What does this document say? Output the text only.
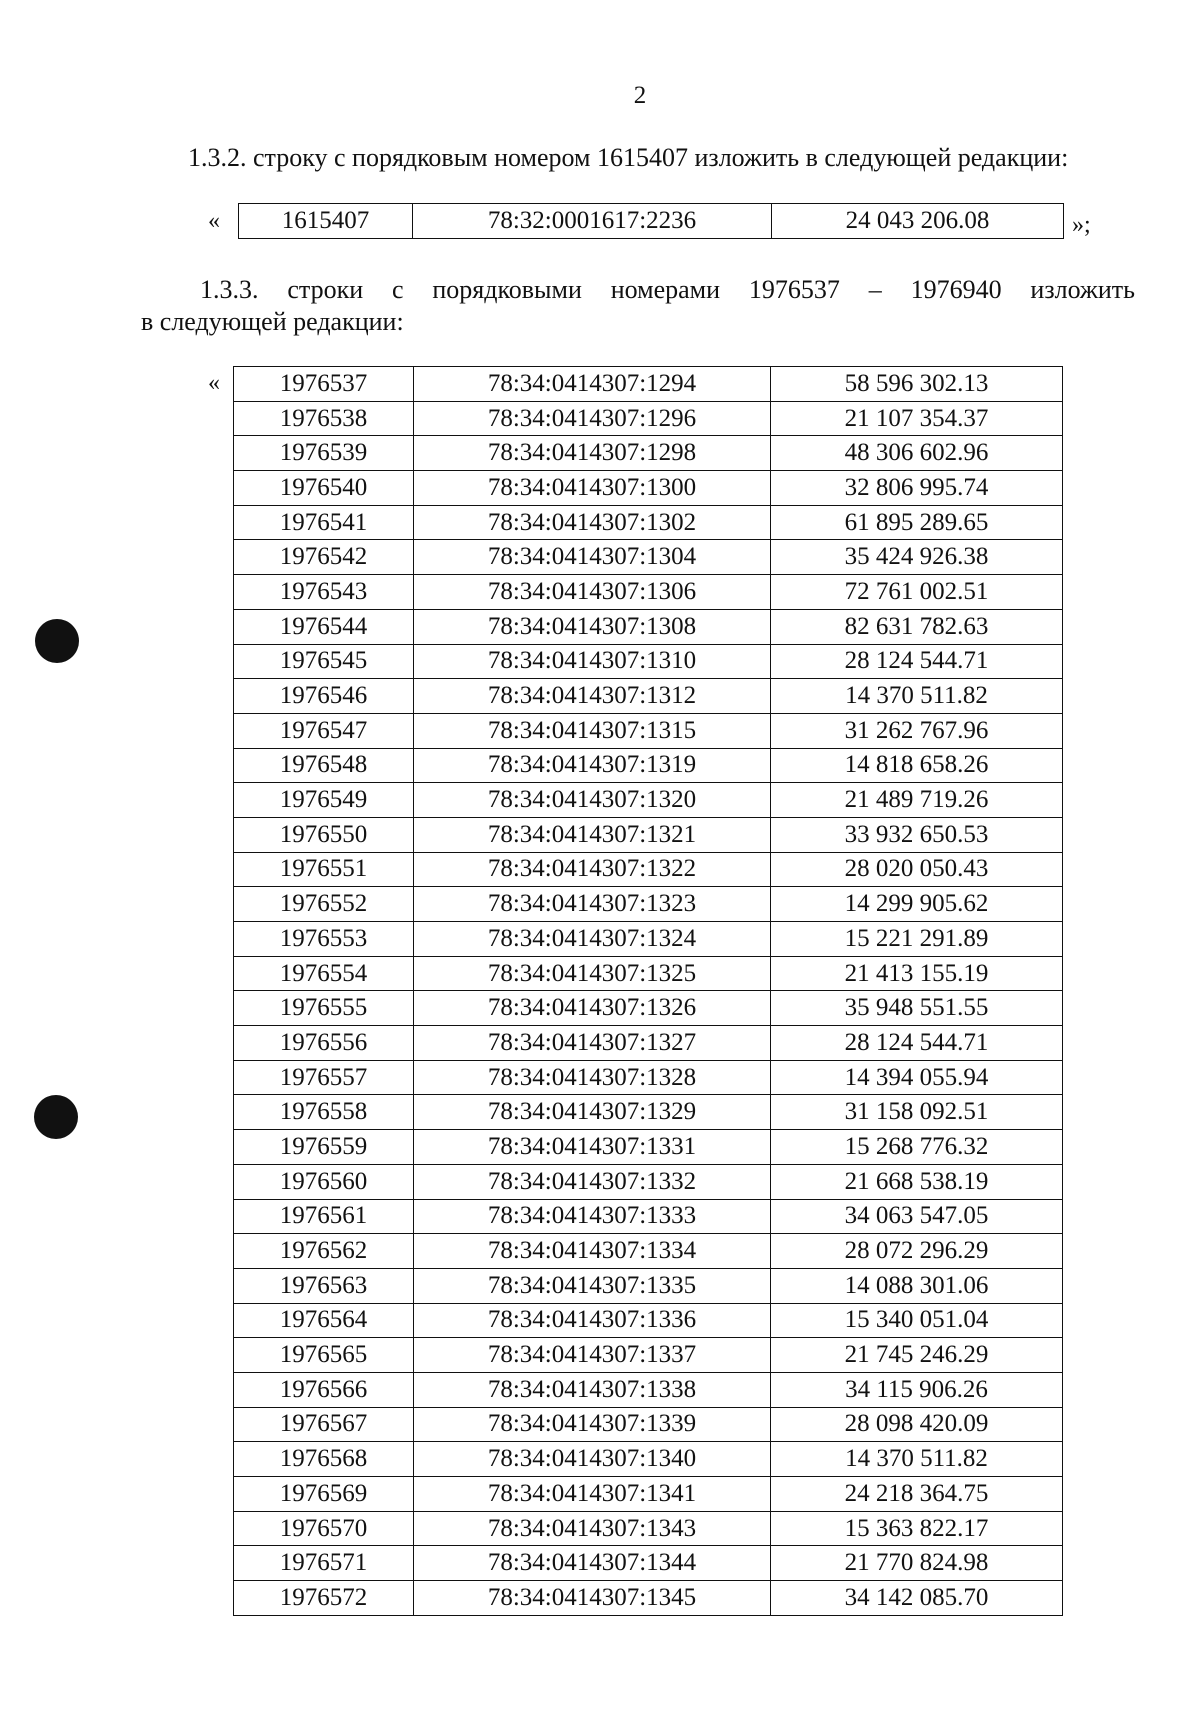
2
1.3.2. строку с порядковым номером 1615407 изложить в следующей редакции:
« 1615407	78:32:0001617:2236	24 043 206.08	»;
1.3.3. строки с порядковыми номерами 1976537 – 1976940 изложить
в следующей редакции:
« 1976537	78:34:0414307:1294	58 596 302.13
1976538	78:34:0414307:1296	21 107 354.37
1976539	78:34:0414307:1298	48 306 602.96
1976540	78:34:0414307:1300	32 806 995.74
1976541	78:34:0414307:1302	61 895 289.65
1976542	78:34:0414307:1304	35 424 926.38
1976543	78:34:0414307:1306	72 761 002.51
1976544	78:34:0414307:1308	82 631 782.63
1976545	78:34:0414307:1310	28 124 544.71
1976546	78:34:0414307:1312	14 370 511.82
1976547	78:34:0414307:1315	31 262 767.96
1976548	78:34:0414307:1319	14 818 658.26
1976549	78:34:0414307:1320	21 489 719.26
1976550	78:34:0414307:1321	33 932 650.53
1976551	78:34:0414307:1322	28 020 050.43
1976552	78:34:0414307:1323	14 299 905.62
1976553	78:34:0414307:1324	15 221 291.89
1976554	78:34:0414307:1325	21 413 155.19
1976555	78:34:0414307:1326	35 948 551.55
1976556	78:34:0414307:1327	28 124 544.71
1976557	78:34:0414307:1328	14 394 055.94
1976558	78:34:0414307:1329	31 158 092.51
1976559	78:34:0414307:1331	15 268 776.32
1976560	78:34:0414307:1332	21 668 538.19
1976561	78:34:0414307:1333	34 063 547.05
1976562	78:34:0414307:1334	28 072 296.29
1976563	78:34:0414307:1335	14 088 301.06
1976564	78:34:0414307:1336	15 340 051.04
1976565	78:34:0414307:1337	21 745 246.29
1976566	78:34:0414307:1338	34 115 906.26
1976567	78:34:0414307:1339	28 098 420.09
1976568	78:34:0414307:1340	14 370 511.82
1976569	78:34:0414307:1341	24 218 364.75
1976570	78:34:0414307:1343	15 363 822.17
1976571	78:34:0414307:1344	21 770 824.98
1976572	78:34:0414307:1345	34 142 085.70
